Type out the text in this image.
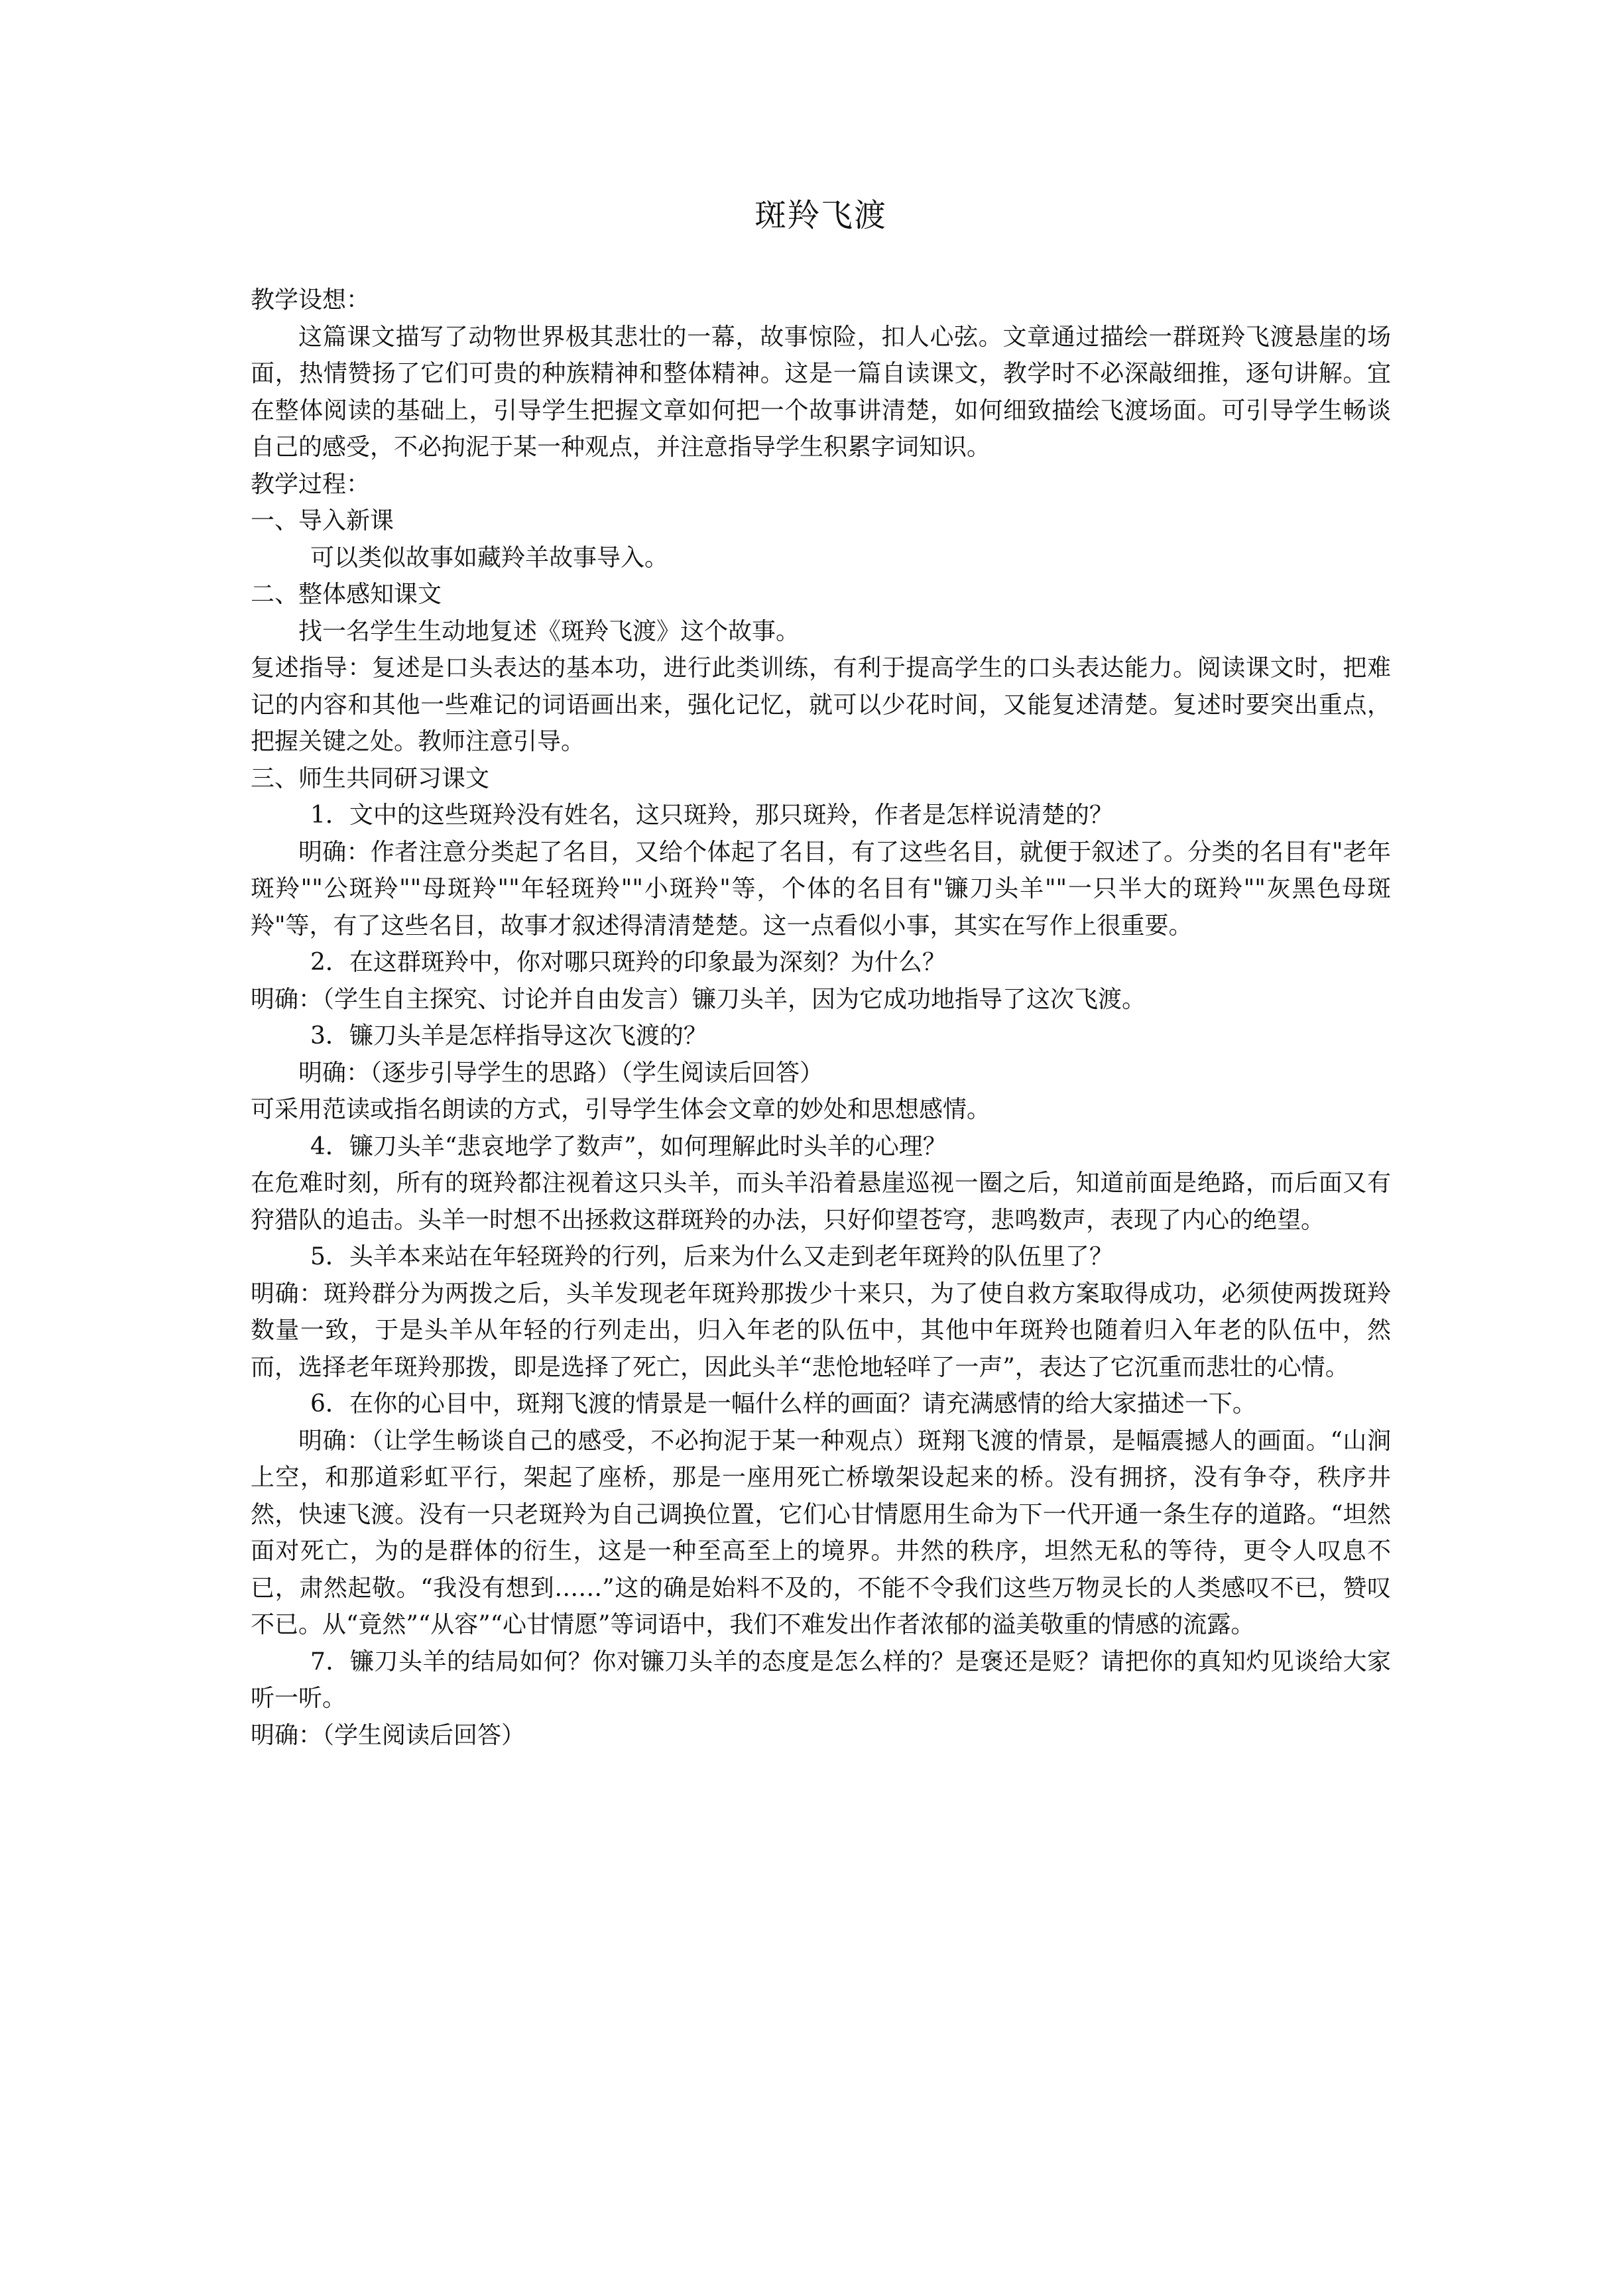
斑羚飞渡

教学设想：

这篇课文描写了动物世界极其悲壮的一幕，故事惊险，扣人心弦。文章通过描绘一群斑羚飞渡悬崖的场面，热情赞扬了它们可贵的种族精神和整体精神。这是一篇自读课文，教学时不必深敲细推，逐句讲解。宜在整体阅读的基础上，引导学生把握文章如何把一个故事讲清楚，如何细致描绘飞渡场面。可引导学生畅谈自己的感受，不必拘泥于某一种观点，并注意指导学生积累字词知识。

教学过程：

一、导入新课

可以类似故事如藏羚羊故事导入。

二、整体感知课文

找一名学生生动地复述《斑羚飞渡》这个故事。

复述指导：复述是口头表达的基本功，进行此类训练，有利于提高学生的口头表达能力。阅读课文时，把难记的内容和其他一些难记的词语画出来，强化记忆，就可以少花时间，又能复述清楚。复述时要突出重点，把握关键之处。教师注意引导。

三、师生共同研习课文

1．文中的这些斑羚没有姓名，这只斑羚，那只斑羚，作者是怎样说清楚的？

明确：作者注意分类起了名目，又给个体起了名目，有了这些名目，就便于叙述了。分类的名目有"老年斑羚""公斑羚""母斑羚""年轻斑羚""小斑羚"等，个体的名目有"镰刀头羊""一只半大的斑羚""灰黑色母斑羚"等，有了这些名目，故事才叙述得清清楚楚。这一点看似小事，其实在写作上很重要。

2．在这群斑羚中，你对哪只斑羚的印象最为深刻？为什么？

明确：（学生自主探究、讨论并自由发言）镰刀头羊，因为它成功地指导了这次飞渡。

3．镰刀头羊是怎样指导这次飞渡的？

明确：（逐步引导学生的思路）（学生阅读后回答）

可采用范读或指名朗读的方式，引导学生体会文章的妙处和思想感情。

4．镰刀头羊“悲哀地学了数声”，如何理解此时头羊的心理？

在危难时刻，所有的斑羚都注视着这只头羊，而头羊沿着悬崖巡视一圈之后，知道前面是绝路，而后面又有狩猎队的追击。头羊一时想不出拯救这群斑羚的办法，只好仰望苍穹，悲鸣数声，表现了内心的绝望。

5．头羊本来站在年轻斑羚的行列，后来为什么又走到老年斑羚的队伍里了？

明确：斑羚群分为两拨之后，头羊发现老年斑羚那拨少十来只，为了使自救方案取得成功，必须使两拨斑羚数量一致，于是头羊从年轻的行列走出，归入年老的队伍中，其他中年斑羚也随着归入年老的队伍中，然而，选择老年斑羚那拨，即是选择了死亡，因此头羊“悲怆地轻咩了一声”，表达了它沉重而悲壮的心情。

6．在你的心目中，斑翔飞渡的情景是一幅什么样的画面？请充满感情的给大家描述一下。

明确：（让学生畅谈自己的感受，不必拘泥于某一种观点）斑翔飞渡的情景，是幅震撼人的画面。“山涧上空，和那道彩虹平行，架起了座桥，那是一座用死亡桥墩架设起来的桥。没有拥挤，没有争夺，秩序井然，快速飞渡。没有一只老斑羚为自己调换位置，它们心甘情愿用生命为下一代开通一条生存的道路。“坦然面对死亡，为的是群体的衍生，这是一种至高至上的境界。井然的秩序，坦然无私的等待，更令人叹息不已，肃然起敬。“我没有想到……”这的确是始料不及的，不能不令我们这些万物灵长的人类感叹不已，赞叹不已。从“竟然”“从容”“心甘情愿”等词语中，我们不难发出作者浓郁的溢美敬重的情感的流露。

7．镰刀头羊的结局如何？你对镰刀头羊的态度是怎么样的？是褒还是贬？请把你的真知灼见谈给大家听一听。

明确：（学生阅读后回答）
